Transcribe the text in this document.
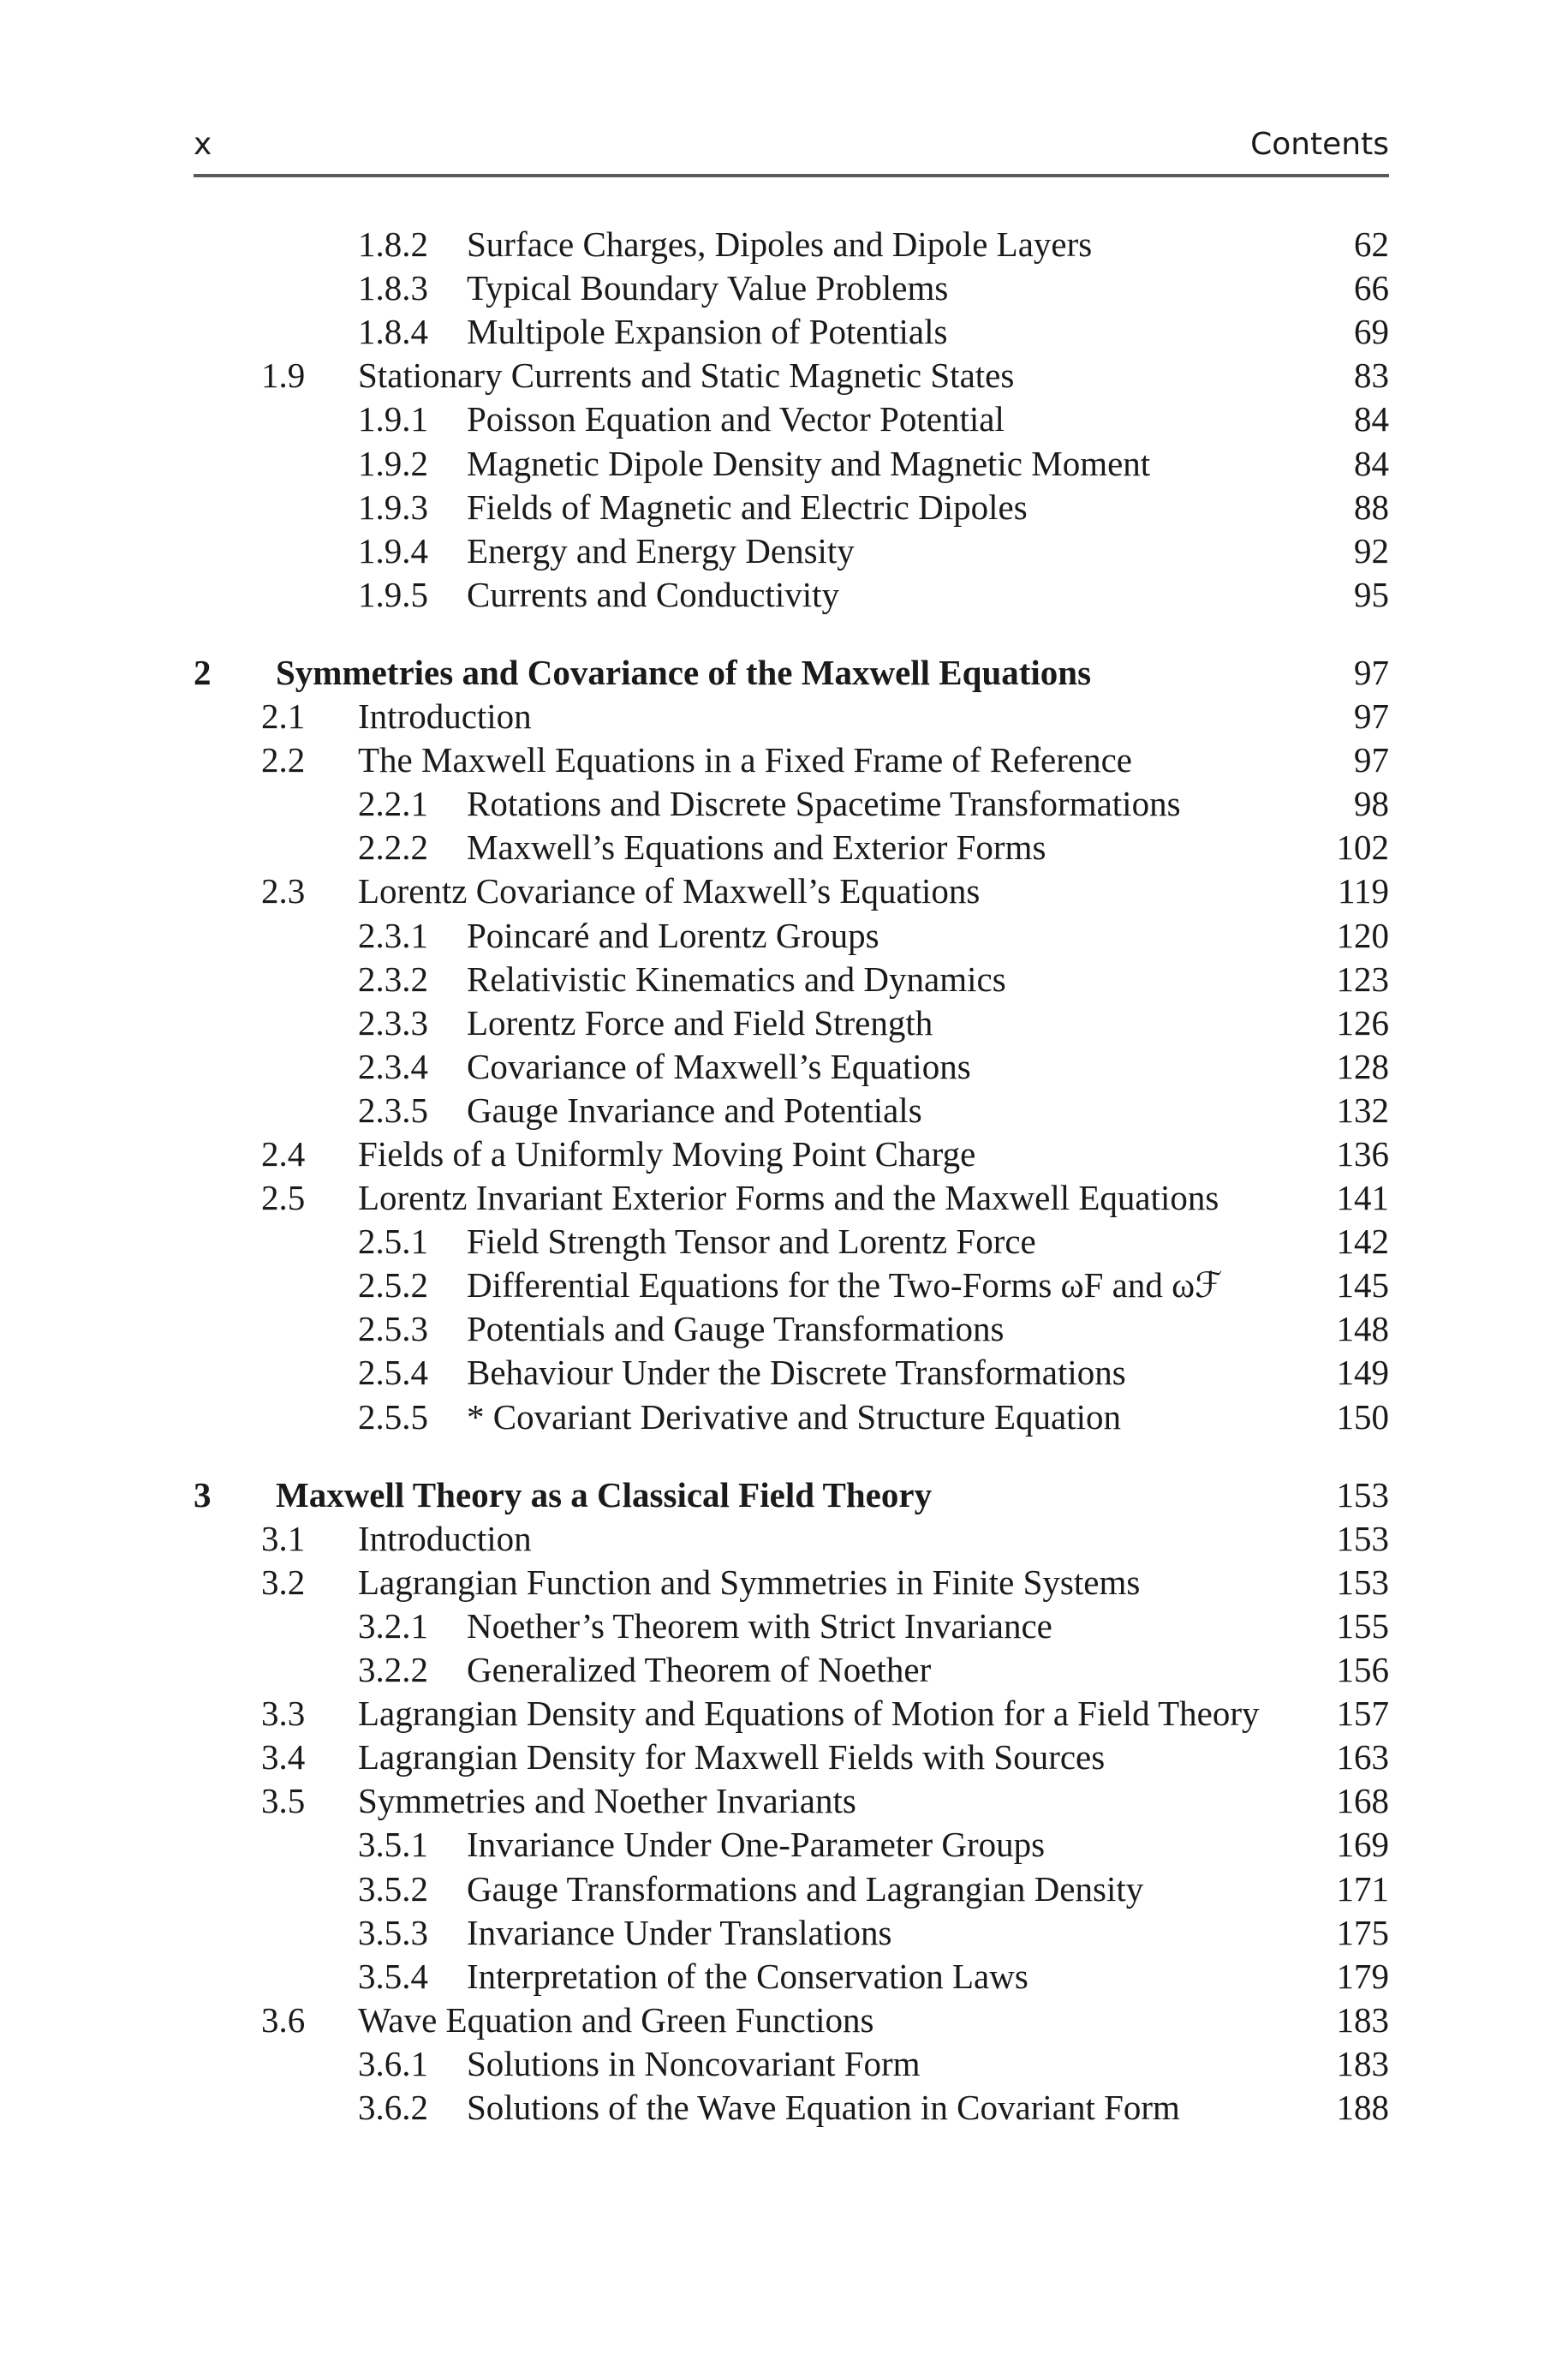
x	Contents
1.8.2 Surface Charges, Dipoles and Dipole Layers . . .	62
1.8.3 Typical Boundary Value Problems . . .	66
1.8.4 Multipole Expansion of Potentials . . .	69
1.9 Stationary Currents and Static Magnetic States . . .	83
1.9.1 Poisson Equation and Vector Potential . . .	84
1.9.2 Magnetic Dipole Density and Magnetic Moment . . .	84
1.9.3 Fields of Magnetic and Electric Dipoles . . .	88
1.9.4 Energy and Energy Density . . .	92
1.9.5 Currents and Conductivity . . .	95
2 Symmetries and Covariance of the Maxwell Equations . . .	97
2.1 Introduction . . .	97
2.2 The Maxwell Equations in a Fixed Frame of Reference . . .	97
2.2.1 Rotations and Discrete Spacetime Transformations . . .	98
2.2.2 Maxwell’s Equations and Exterior Forms . . .	102
2.3 Lorentz Covariance of Maxwell’s Equations . . .	119
2.3.1 Poincaré and Lorentz Groups . . .	120
2.3.2 Relativistic Kinematics and Dynamics . . .	123
2.3.3 Lorentz Force and Field Strength . . .	126
2.3.4 Covariance of Maxwell’s Equations . . .	128
2.3.5 Gauge Invariance and Potentials . . .	132
2.4 Fields of a Uniformly Moving Point Charge . . .	136
2.5 Lorentz Invariant Exterior Forms and the Maxwell Equations . . .	141
2.5.1 Field Strength Tensor and Lorentz Force . . .	142
2.5.2 Differential Equations for the Two-Forms ωF and ωℱ . . .	145
2.5.3 Potentials and Gauge Transformations . . .	148
2.5.4 Behaviour Under the Discrete Transformations . . .	149
2.5.5 * Covariant Derivative and Structure Equation . . .	150
3 Maxwell Theory as a Classical Field Theory . . .	153
3.1 Introduction . . .	153
3.2 Lagrangian Function and Symmetries in Finite Systems . . .	153
3.2.1 Noether’s Theorem with Strict Invariance . . .	155
3.2.2 Generalized Theorem of Noether . . .	156
3.3 Lagrangian Density and Equations of Motion for a Field Theory . . .	157
3.4 Lagrangian Density for Maxwell Fields with Sources . . .	163
3.5 Symmetries and Noether Invariants . . .	168
3.5.1 Invariance Under One-Parameter Groups . . .	169
3.5.2 Gauge Transformations and Lagrangian Density . . .	171
3.5.3 Invariance Under Translations . . .	175
3.5.4 Interpretation of the Conservation Laws . . .	179
3.6 Wave Equation and Green Functions . . .	183
3.6.1 Solutions in Noncovariant Form . . .	183
3.6.2 Solutions of the Wave Equation in Covariant Form . . .	188
